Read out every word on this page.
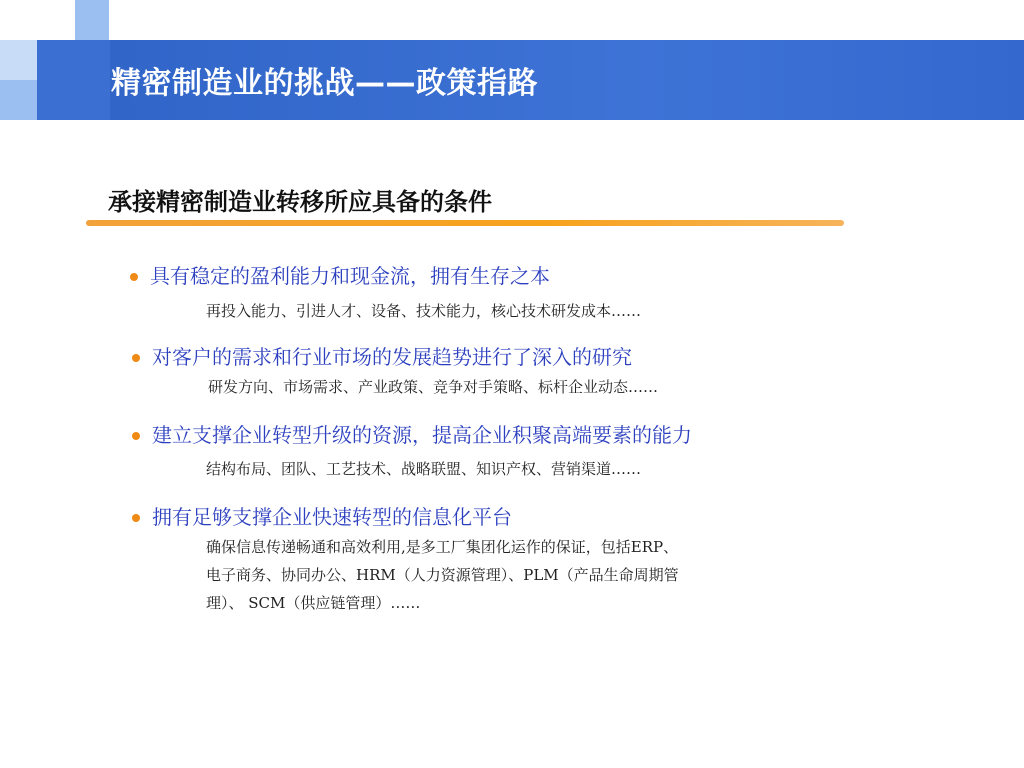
精密制造业的挑战——政策指路
承接精密制造业转移所应具备的条件
具有稳定的盈利能力和现金流，拥有生存之本
再投入能力、引进人才、设备、技术能力，核心技术研发成本……
对客户的需求和行业市场的发展趋势进行了深入的研究
研发方向、市场需求、产业政策、竞争对手策略、标杆企业动态……
建立支撑企业转型升级的资源，提高企业积聚高端要素的能力
结构布局、团队、工艺技术、战略联盟、知识产权、营销渠道……
拥有足够支撑企业快速转型的信息化平台
确保信息传递畅通和高效利用,是多工厂集团化运作的保证，包括ERP、
电子商务、协同办公、HRM（人力资源管理）、PLM（产品生命周期管
理）、 SCM（供应链管理）……
